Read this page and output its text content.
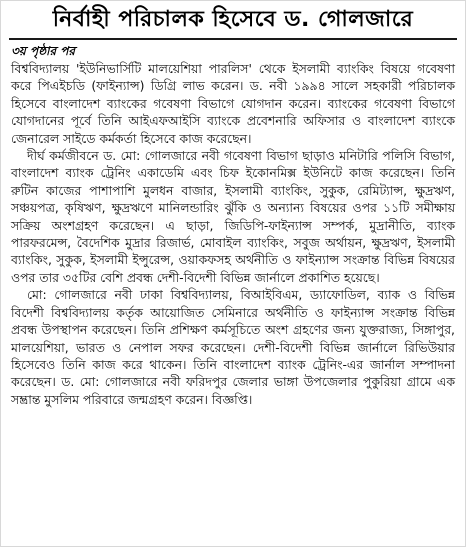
নির্বাহী পরিচালক হিসেবে ড. গোলজারে
৩য় পৃষ্ঠার পর

বিশ্ববিদ্যালয় 'ইউনিভার্সিটি মালয়েশিয়া পারলিস' থেকে ইসলামী ব্যাংকিং বিষয়ে গবেষণা করে পিএইচডি (ফাইন্যান্স) ডিগ্রি লাভ করেন। ড. নবী ১৯৯৪ সালে সহকারী পরিচালক হিসেবে বাংলাদেশ ব্যাংকের গবেষণা বিভাগে যোগদান করেন। ব্যাংকের গবেষণা বিভাগে যোগদানের পূর্বে তিনি আইএফআইসি ব্যাংকে প্রবেশনারি অফিসার ও বাংলাদেশ ব্যাংকে জেনারেল সাইডে কর্মকর্তা হিসেবে কাজ করেছেন।

দীর্ঘ কর্মজীবনে ড. মো: গোলজারে নবী গবেষণা বিভাগ ছাড়াও মনিটারি পলিসি বিভাগ, বাংলাদেশ ব্যাংক ট্রেনিং একাডেমি এবং চিফ ইকোনমিক্স ইউনিটে কাজ করেছেন। তিনি রুটিন কাজের পাশাপাশি মুলধন বাজার, ইসলামী ব্যাংকিং, সুকুক, রেমিট্যান্স, ক্ষুদ্রঋণ, সঞ্চয়পত্র, কৃষিঋণ, ক্ষুদ্রঋণে মানিলন্ডারিং ঝুঁকি ও অন্যান্য বিষয়ের ওপর ১১টি সমীক্ষায় সক্রিয় অংশগ্রহণ করেছেন। এ ছাড়া, জিডিপি-ফাইন্যান্স সম্পর্ক, মুদ্রানীতি, ব্যাংক পারফরমেন্স, বৈদেশিক মুদ্রার রিজার্ভ, মোবাইল ব্যাংকিং, সবুজ অর্থায়ন, ক্ষুদ্রঋণ, ইসলামী ব্যাংকিং, সুকুক, ইসলামী ইন্সুরেন্স, ওয়াকফসহ অর্থনীতি ও ফাইন্যান্স সংক্রান্ত বিভিন্ন বিষয়ের ওপর তার ৩৫টির বেশি প্রবন্ধ দেশী-বিদেশী বিভিন্ন জার্নালে প্রকাশিত হয়েছে।

মো: গোলজারে নবী ঢাকা বিশ্ববিদ্যালয়, বিআইবিএম, ড্যাফোডিল, ব্যাক ও বিভিন্ন বিদেশী বিশ্ববিদ্যালয় কর্তৃক আয়োজিত সেমিনারে অর্থনীতি ও ফাইন্যান্স সংক্রান্ত বিভিন্ন প্রবন্ধ উপস্থাপন করেছেন। তিনি প্রশিক্ষণ কর্মসূচিতে অংশ গ্রহণের জন্য যুক্তরাজ্য, সিঙ্গাপুর, মালয়েশিয়া, ভারত ও নেপাল সফর করেছেন। দেশী-বিদেশী বিভিন্ন জার্নালে রিভিউয়ার হিসেবেও তিনি কাজ করে থাকেন। তিনি বাংলাদেশ ব্যাংক ট্রেনিং-এর জার্নাল সম্পাদনা করেছেন। ড. মো: গোলজারে নবী ফরিদপুর জেলার ভাঙ্গা উপজেলার পুকুরিয়া গ্রামে এক সম্ভ্রান্ত মুসলিম পরিবারে জন্মগ্রহণ করেন। বিজ্ঞপ্তি।
